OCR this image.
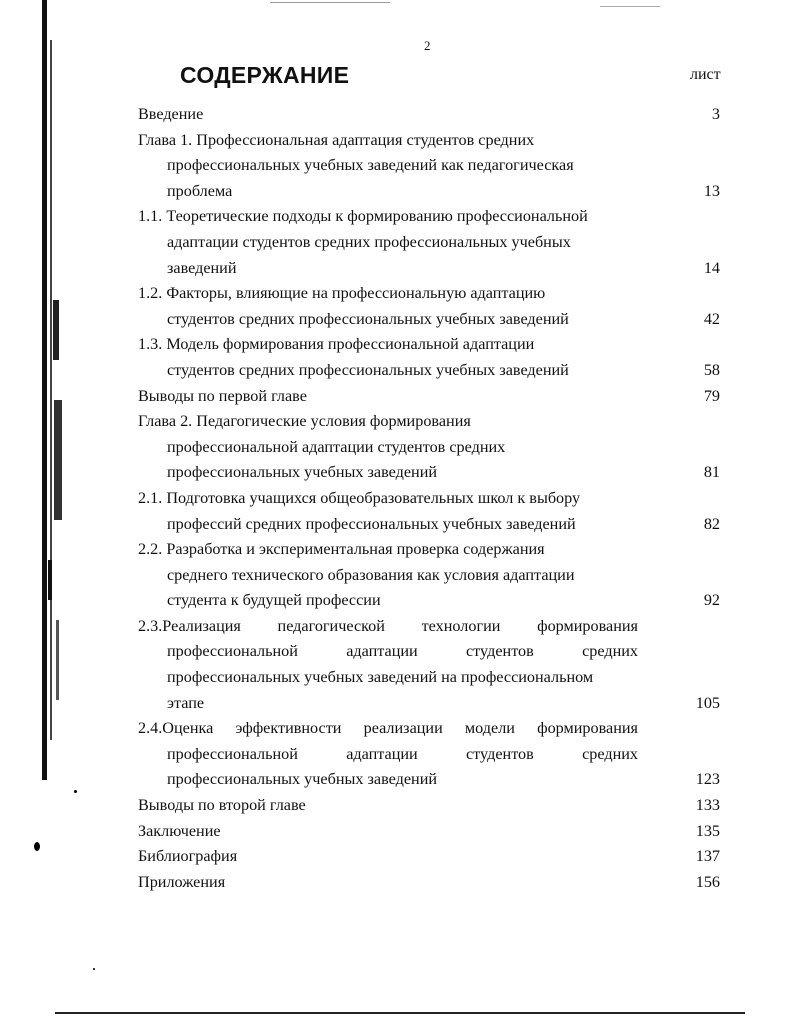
2
СОДЕРЖАНИЕ	лист
Введение	3
Глава 1. Профессиональная адаптация студентов средних
профессиональных учебных заведений как педагогическая
проблема	13
1.1. Теоретические подходы к формированию профессиональной
адаптации студентов средних профессиональных учебных
заведений	14
1.2. Факторы, влияющие на профессиональную адаптацию
студентов средних профессиональных учебных заведений	42
1.3. Модель формирования профессиональной адаптации
студентов средних профессиональных учебных заведений	58
Выводы по первой главе	79
Глава 2. Педагогические условия формирования
профессиональной адаптации студентов средних
профессиональных учебных заведений	81
2.1. Подготовка учащихся общеобразовательных школ к выбору
профессий средних профессиональных учебных заведений	82
2.2. Разработка и экспериментальная проверка содержания
среднего технического образования как условия адаптации
студента к будущей профессии	92
2.3.Реализация педагогической технологии формирования
профессиональной адаптации студентов средних
профессиональных учебных заведений на профессиональном
этапе	105
2.4.Оценка эффективности реализации модели формирования
профессиональной адаптации студентов средних
профессиональных учебных заведений	123
Выводы по второй главе	133
Заключение	135
Библиография	137
Приложения	156
